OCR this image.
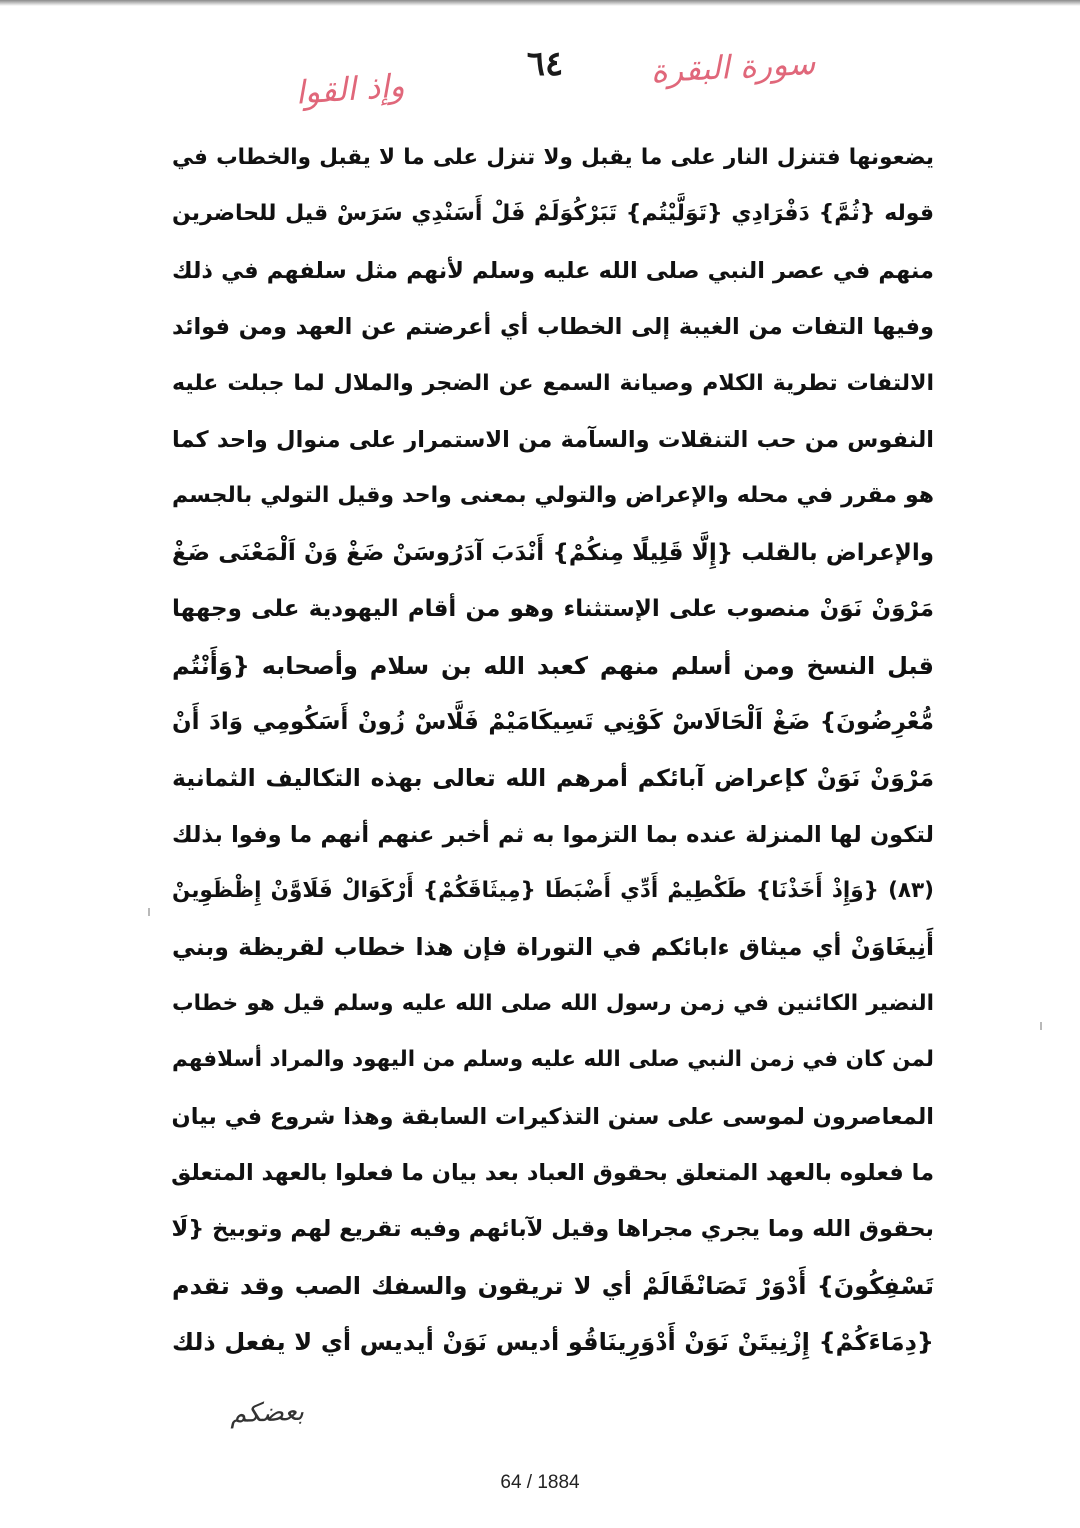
سورة البقرة
٦٤
وإذ القوا
يضعونها فتنزل النار على ما يقبل ولا تنزل على ما لا يقبل والخطاب في
قوله {ثُمَّ} دَفْرَادِي {تَوَلَّيْتُم} تَبَرْكُوَلَمْ فَلْ أَسَنْدِي سَرَسْ قيل للحاضرين
منهم في عصر النبي صلى الله عليه وسلم لأنهم مثل سلفهم في ذلك
وفيها التفات من الغيبة إلى الخطاب أي أعرضتم عن العهد ومن فوائد
الالتفات تطرية الكلام وصيانة السمع عن الضجر والملال لما جبلت عليه
النفوس من حب التنقلات والسآمة من الاستمرار على منوال واحد كما
هو مقرر في محله والإعراض والتولي بمعنى واحد وقيل التولي بالجسم
والإعراض بالقلب {إِلَّا قَلِيلًا مِنكُمْ} أَنْدَبَ آدَرُوسَنْ ضَغْ وَنْ اَلْمَعْنَى ضَغْ
مَرْوَنْ نَوَنْ منصوب على الإستثناء وهو من أقام اليهودية على وجهها
قبل النسخ ومن أسلم منهم كعبد الله بن سلام وأصحابه {وَأَنْتُم
مُّعْرِضُونَ} ضَغْ اَلْحَالَاسْ كَوْنِي تَسِيكَامَيْمْ فَلَّاسْ زُونْ أَسَكُومِي وَادَ أَنْ
مَرْوَنْ نَوَنْ كإعراض آبائكم أمرهم الله تعالى بهذه التكاليف الثمانية
لتكون لها المنزلة عنده بما التزموا به ثم أخبر عنهم أنهم ما وفوا بذلك
(٨٣) {وَإِذْ أَخَذْنَا} طَكْطِيمْ أَدِّي أَضْبَطَا {مِيثَاقَكُمْ} أَرْكَوَالْ فَلَاوَّنْ إِظْظَوِينْ
أَنِيغَاوَنْ أي ميثاق ءابائكم في التوراة فإن هذا خطاب لقريظة وبني
النضير الكائنين في زمن رسول الله صلى الله عليه وسلم قيل هو خطاب
لمن كان في زمن النبي صلى الله عليه وسلم من اليهود والمراد أسلافهم
المعاصرون لموسى على سنن التذكيرات السابقة وهذا شروع في بيان
ما فعلوه بالعهد المتعلق بحقوق العباد بعد بيان ما فعلوا بالعهد المتعلق
بحقوق الله وما يجري مجراها وقيل لآبائهم وفيه تقريع لهم وتوبيخ {لَا
تَسْفِكُونَ} أَدْوَرْ تَصَانْقَالَمْ أي لا تريقون والسفك الصب وقد تقدم
{دِمَاءَكُمْ} إِزْنِيتَنْ نَوَنْ أَدْوَرِينَاقُو أديس نَوَنْ أيديس أي لا يفعل ذلك
بعضكم
64 / 1884
